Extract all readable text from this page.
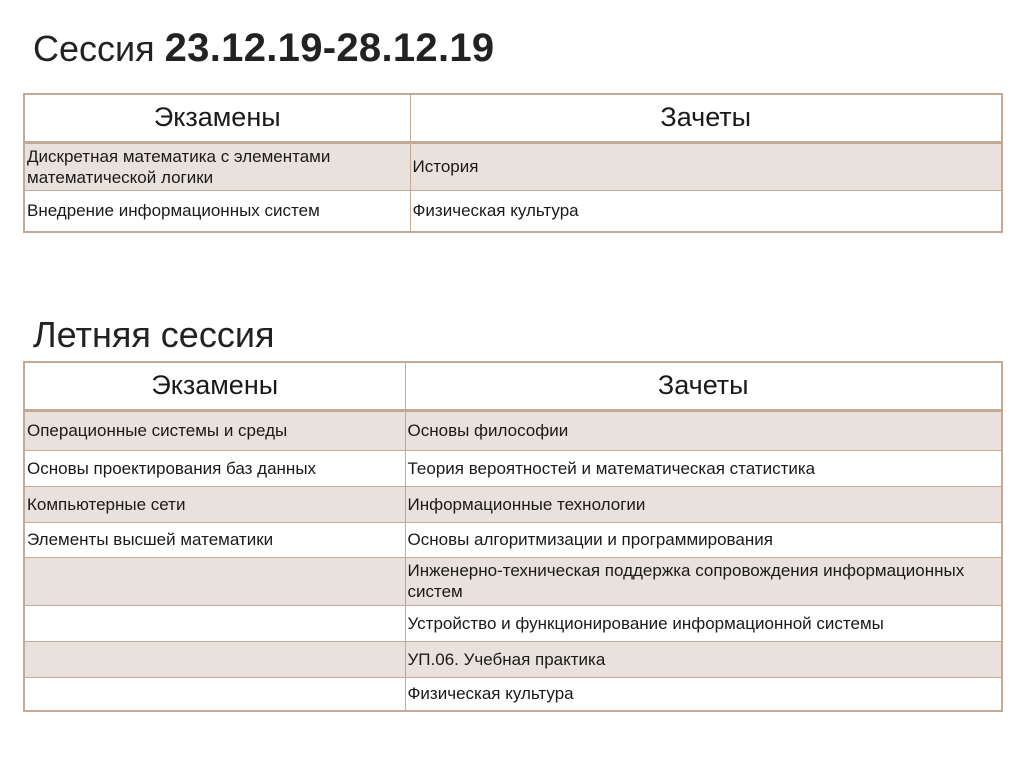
Сессия 23.12.19-28.12.19
Экзамены	Зачеты
Дискретная математика с элементами математической логики	История
Внедрение информационных систем	Физическая культура
Летняя сессия
Экзамены	Зачеты
Операционные системы и среды	Основы философии
Основы проектирования баз данных	Теория вероятностей и математическая статистика
Компьютерные сети	Информационные технологии
Элементы высшей математики	Основы алгоритмизации и программирования
	Инженерно-техническая поддержка сопровождения информационных систем
	Устройство и функционирование информационной системы
	УП.06. Учебная практика
	Физическая культура
